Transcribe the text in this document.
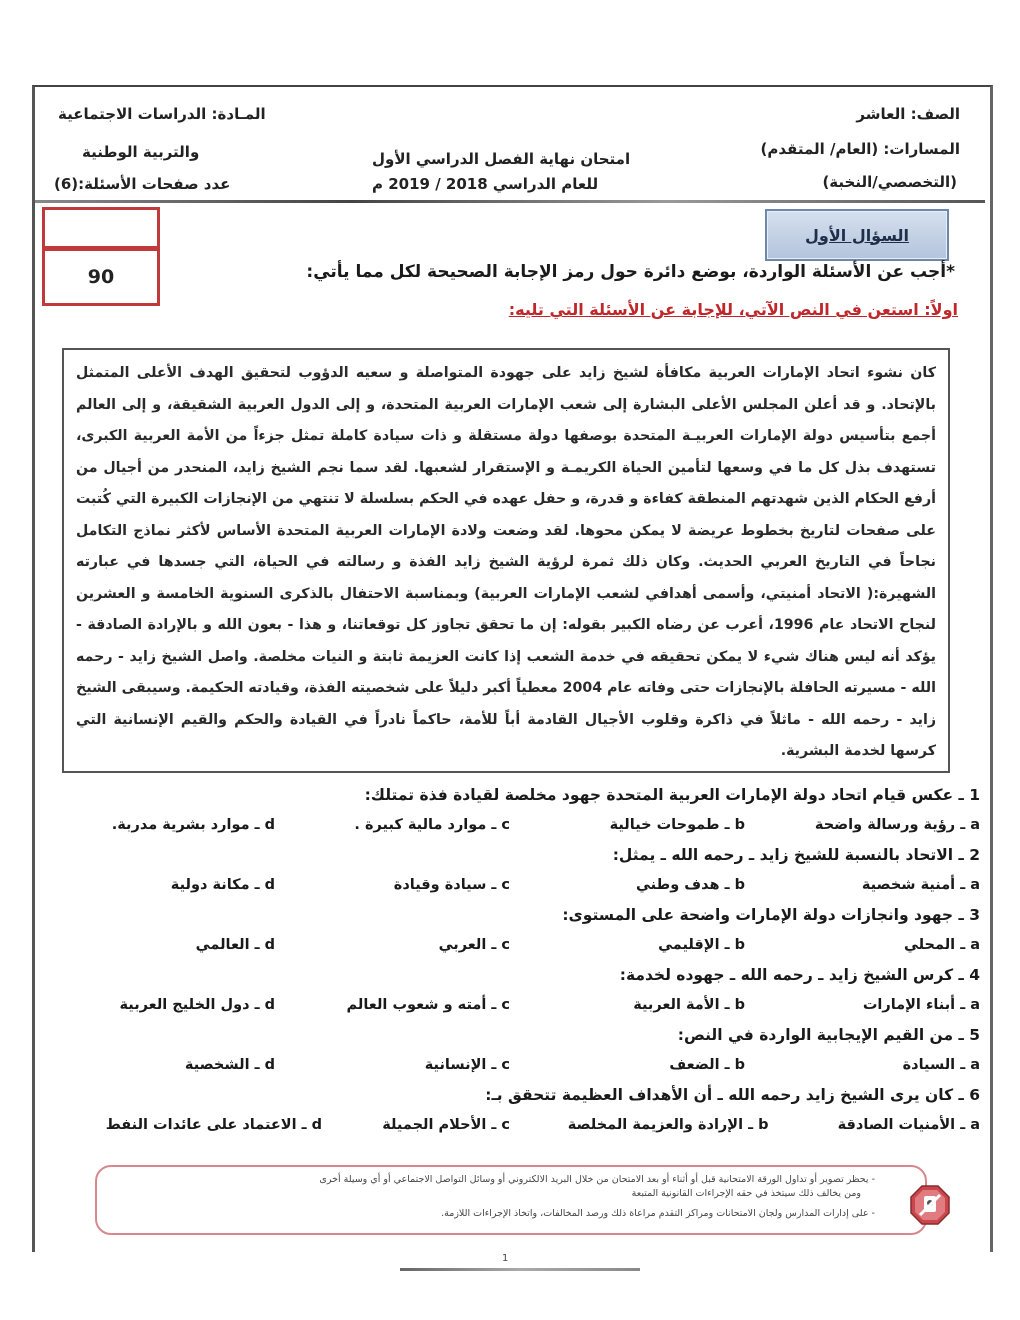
الصف: العاشر
المسارات: (العام/ المتقدم)
(التخصصي/النخبة)
امتحان نهاية الفصل الدراسي الأول
للعام الدراسي 2018 / 2019 م
المـادة: الدراسات الاجتماعية
والتربية الوطنية
عدد صفحات الأسئلة:(6)
السؤال الأول
90	*أجب عن الأسئلة الواردة، بوضع دائرة حول رمز الإجابة الصحيحة لكل مما يأتي:
اولاً: استعن في النص الآتي، للإجابة عن الأسئلة التي تليه:
كان نشوء اتحاد الإمارات العربية مكافأة لشيخ زايد على جهودة المتواصلة و سعيه الدؤوب لتحقيق الهدف الأعلى المتمثل بالإتحاد. و قد أعلن المجلس الأعلى البشارة إلى شعب الإمارات العربية المتحدة، و إلى الدول العربية الشقيقة، و إلى العالم أجمع بتأسيس دولة الإمارات العربيـة المتحدة بوصفها دولة مستقلة و ذات سيادة كاملة تمثل جزءاً من الأمة العربية الكبرى، تستهدف بذل كل ما في وسعها لتأمين الحياة الكريمـة و الإستقرار لشعبها. لقد سما نجم الشيخ زايد، المنحدر من أجيال من أرفع الحكام الذين شهدتهم المنطقة كفاءة و قدرة، و حفل عهده في الحكم بسلسلة لا تنتهي من الإنجازات الكبيرة التي كُتبت على صفحات لتاريخ بخطوط عريضة لا يمكن محوها. لقد وضعت ولادة الإمارات العربية المتحدة الأساس لأكثر نماذج التكامل نجاحاً في التاريخ العربي الحديث. وكان ذلك ثمرة لرؤية الشيخ زايد الفذة و رسالته في الحياة، التي جسدها في عبارته الشهيرة:( الاتحاد أمنيتي، وأسمى أهدافي لشعب الإمارات العربية) وبمناسبة الاحتفال بالذكرى السنوية الخامسة و العشرين لنجاح الاتحاد عام 1996، أعرب عن رضاه الكبير بقوله: إن ما تحقق تجاوز كل توقعاتنا، و هذا - بعون الله و بالإرادة الصادقة - يؤكد أنه ليس هناك شيء لا يمكن تحقيقه في خدمة الشعب إذا كانت العزيمة ثابتة و النيات مخلصة. واصل الشيخ زايد - رحمه الله - مسيرته الحافلة بالإنجازات حتى وفاته عام 2004 معطياً أكبر دليلاً على شخصيته الفذة، وقيادته الحكيمة. وسيبقى الشيخ زايد - رحمه الله - ماثلاً في ذاكرة وقلوب الأجيال القادمة أباً للأمة، حاكماً نادراً في القيادة والحكم والقيم الإنسانية التي كرسها لخدمة البشرية.
1 ـ عكس قيام اتحاد دولة الإمارات العربية المتحدة جهود مخلصة لقيادة فذة تمتلك:
a ـ رؤية ورسالة واضحة
b ـ طموحات خيالية
c ـ موارد مالية كبيرة .
d ـ موارد بشرية مدربة.
2 ـ الاتحاد بالنسبة للشيخ زايد ـ رحمه الله ـ يمثل:
a ـ أمنية شخصية
b ـ هدف وطني
c ـ سيادة وقيادة
d ـ مكانة دولية
3 ـ جهود وانجازات دولة الإمارات واضحة على المستوى:
a ـ المحلي
b ـ الإقليمي
c ـ العربي
d ـ العالمي
4 ـ كرس الشيخ زايد ـ رحمه الله ـ جهوده لخدمة:
a ـ أبناء الإمارات
b ـ الأمة العربية
c ـ أمته و شعوب العالم
d ـ دول الخليج العربية
5 ـ من القيم الإيجابية الواردة في النص:
a ـ السيادة
b ـ الضعف
c ـ الإنسانية
d ـ الشخصية
6 ـ كان يرى الشيخ زايد رحمه الله ـ أن الأهداف العظيمة تتحقق بـ:
a ـ الأمنيات الصادقة
b ـ الإرادة والعزيمة المخلصة
c ـ الأحلام الجميلة
d ـ الاعتماد على عائدات النفط
- يحظر تصوير أو تداول الورقة الامتحانية قبل أو أثناء أو بعد الامتحان من خلال البريد الالكتروني أو وسائل التواصل الاجتماعي أو أي وسيلة أخرى
ومن يخالف ذلك سيتخذ في حقه الإجراءات القانونية المتبعة
- على إدارات المدارس ولجان الامتحانات ومراكز التقدم مراعاة ذلك ورصد المخالفات، واتخاذ الإجراءات اللازمة.
1
